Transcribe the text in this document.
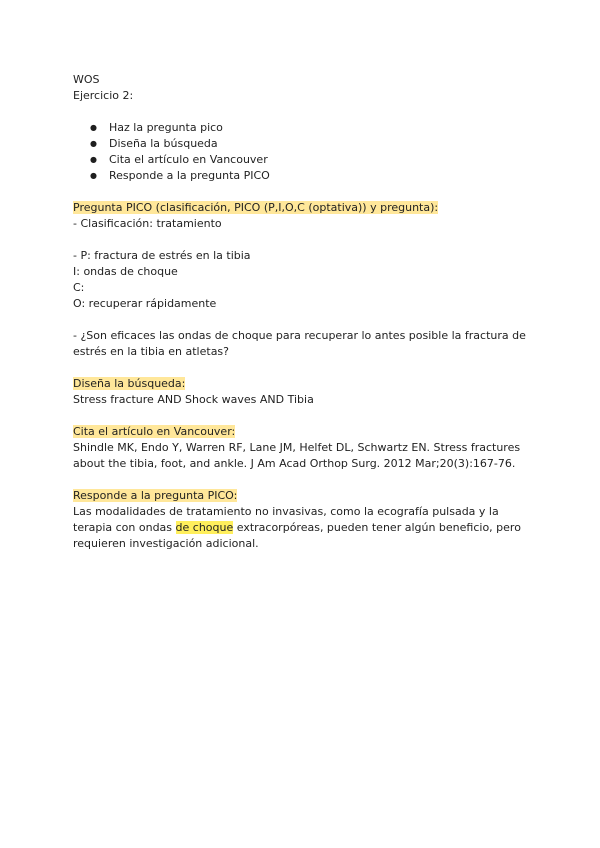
WOS
Ejercicio 2:
● Haz la pregunta pico
● Diseña la búsqueda
● Cita el artículo en Vancouver
● Responde a la pregunta PICO
Pregunta PICO (clasificación, PICO (P,I,O,C (optativa)) y pregunta):
- Clasificación: tratamiento
- P: fractura de estrés en la tibia
I: ondas de choque
C:
O: recuperar rápidamente
- ¿Son eficaces las ondas de choque para recuperar lo antes posible la fractura de estrés en la tibia en atletas?
Diseña la búsqueda:
Stress fracture AND Shock waves AND Tibia
Cita el artículo en Vancouver:
Shindle MK, Endo Y, Warren RF, Lane JM, Helfet DL, Schwartz EN. Stress fractures about the tibia, foot, and ankle. J Am Acad Orthop Surg. 2012 Mar;20(3):167-76.
Responde a la pregunta PICO:
Las modalidades de tratamiento no invasivas, como la ecografía pulsada y la terapia con ondas de choque extracorpóreas, pueden tener algún beneficio, pero requieren investigación adicional.
